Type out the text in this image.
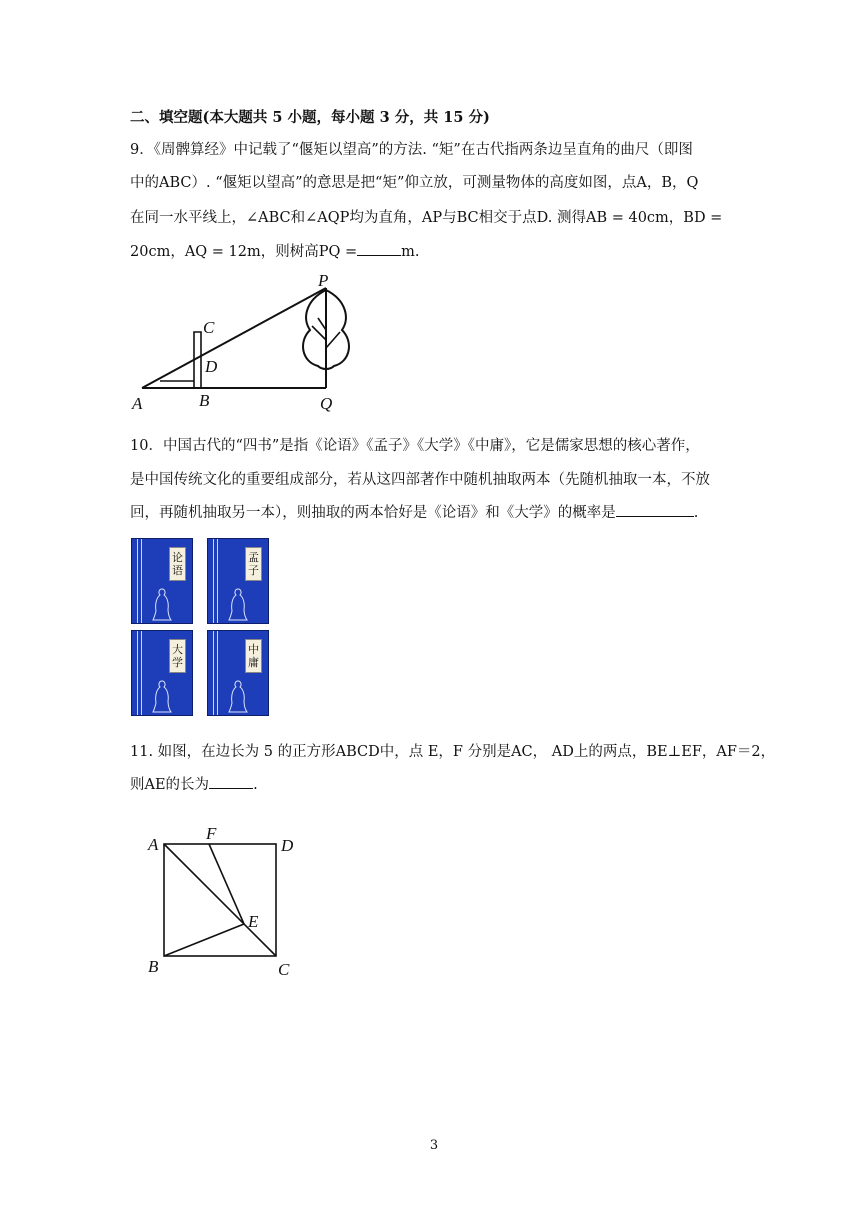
二、填空题(本大题共 5 小题，每小题 3 分，共 15 分)
9．《周髀算经》中记载了“偃矩以望高”的方法. “矩”在古代指两条边呈直角的曲尺（即图
中的ABC）. “偃矩以望高”的意思是把“矩”仰立放，可测量物体的高度如图，点A，B，Q
在同一水平线上，∠ABC和∠AQP均为直角，AP与BC相交于点D. 测得AB = 40cm，BD =
20cm，AQ = 12m，则树高PQ =	m.
P
C
D
A	B	Q
10．中国古代的“四书”是指《论语》《孟子》《大学》《中庸》，它是儒家思想的核心著作，
是中国传统文化的重要组成部分，若从这四部著作中随机抽取两本（先随机抽取一本，不放
回，再随机抽取另一本），则抽取的两本恰好是《论语》和《大学》的概率是	.
论语
孟子
大学
中庸
11. 如图，在边长为 5 的正方形ABCD中，点 E，F 分别是AC， AD上的两点，BE⊥EF，AF＝2，
则AE的长为	.
A
F
D
E
B	C
3
